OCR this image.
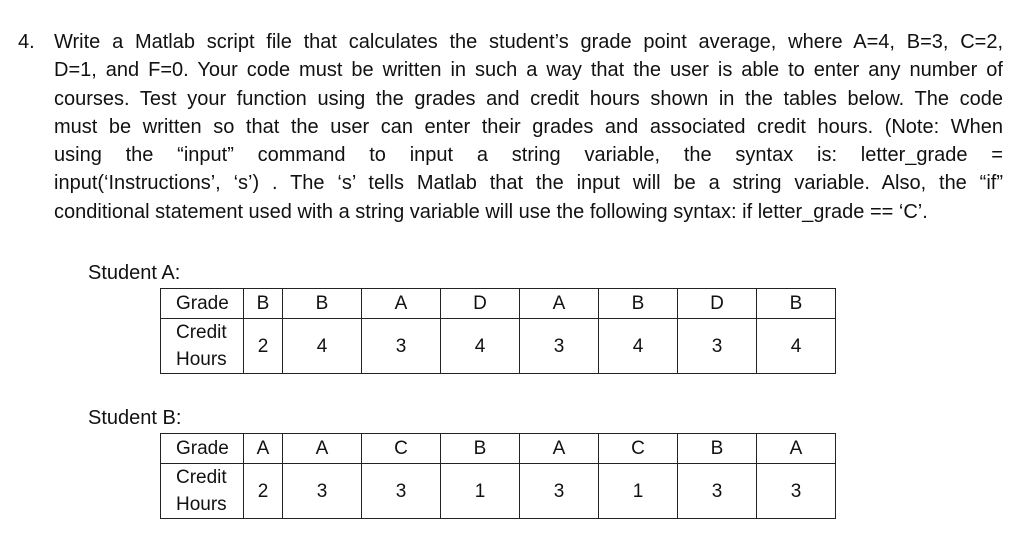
4. Write a Matlab script file that calculates the student’s grade point average, where A=4, B=3, C=2,
D=1, and F=0. Your code must be written in such a way that the user is able to enter any number of
courses. Test your function using the grades and credit hours shown in the tables below. The code
must be written so that the user can enter their grades and associated credit hours. (Note: When
using the “input” command to input a string variable, the syntax is: letter_grade =
input(‘Instructions’, ‘s’) . The ‘s’ tells Matlab that the input will be a string variable. Also, the “if”
conditional statement used with a string variable will use the following syntax: if letter_grade == ‘C’.
Student A:
Grade	B	B	A	D	A	B	D	B
Credit
Hours	2	4	3	4	3	4	3	4
Student B:
Grade	A	A	C	B	A	C	B	A
Credit
Hours	2	3	3	1	3	1	3	3
